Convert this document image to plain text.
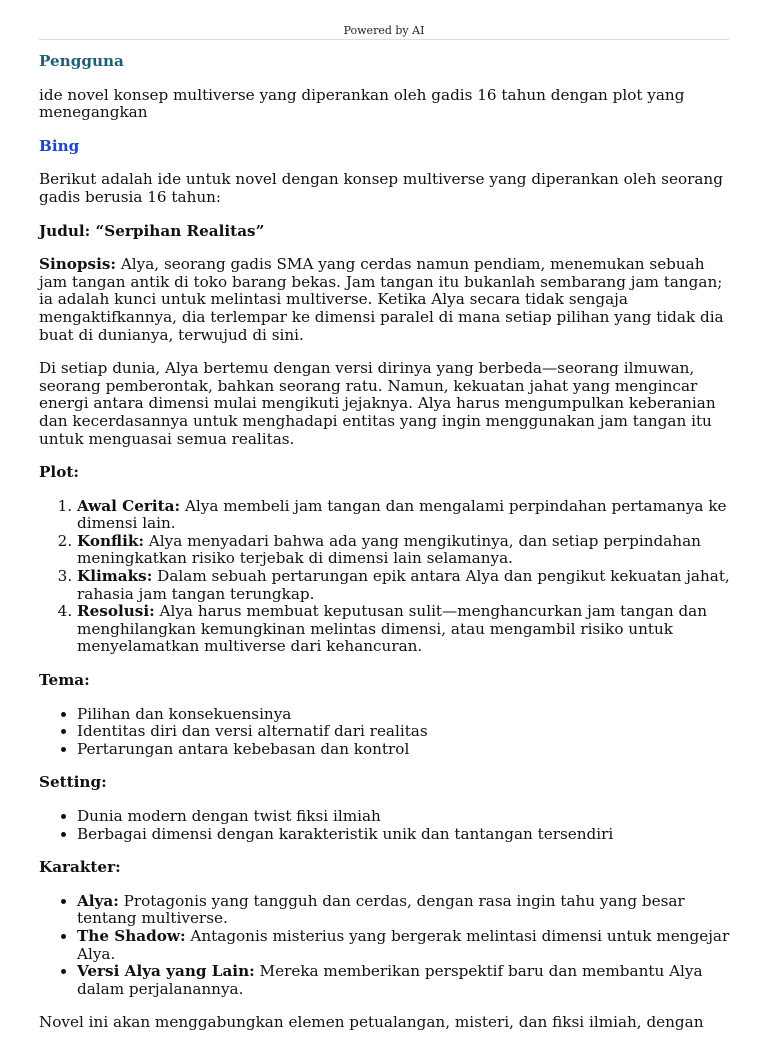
Powered by AI
Pengguna

ide novel konsep multiverse yang diperankan oleh gadis 16 tahun dengan plot yang menegangkan

Bing

Berikut adalah ide untuk novel dengan konsep multiverse yang diperankan oleh seorang gadis berusia 16 tahun:

Judul: “Serpihan Realitas”

Sinopsis: Alya, seorang gadis SMA yang cerdas namun pendiam, menemukan sebuah jam tangan antik di toko barang bekas. Jam tangan itu bukanlah sembarang jam tangan; ia adalah kunci untuk melintasi multiverse. Ketika Alya secara tidak sengaja mengaktifkannya, dia terlempar ke dimensi paralel di mana setiap pilihan yang tidak dia buat di dunianya, terwujud di sini.

Di setiap dunia, Alya bertemu dengan versi dirinya yang berbeda—seorang ilmuwan, seorang pemberontak, bahkan seorang ratu. Namun, kekuatan jahat yang mengincar energi antara dimensi mulai mengikuti jejaknya. Alya harus mengumpulkan keberanian dan kecerdasannya untuk menghadapi entitas yang ingin menggunakan jam tangan itu untuk menguasai semua realitas.

Plot:

1. Awal Cerita: Alya membeli jam tangan dan mengalami perpindahan pertamanya ke dimensi lain.
2. Konflik: Alya menyadari bahwa ada yang mengikutinya, dan setiap perpindahan meningkatkan risiko terjebak di dimensi lain selamanya.
3. Klimaks: Dalam sebuah pertarungan epik antara Alya dan pengikut kekuatan jahat, rahasia jam tangan terungkap.
4. Resolusi: Alya harus membuat keputusan sulit—menghancurkan jam tangan dan menghilangkan kemungkinan melintas dimensi, atau mengambil risiko untuk menyelamatkan multiverse dari kehancuran.

Tema:

• Pilihan dan konsekuensinya
• Identitas diri dan versi alternatif dari realitas
• Pertarungan antara kebebasan dan kontrol

Setting:

• Dunia modern dengan twist fiksi ilmiah
• Berbagai dimensi dengan karakteristik unik dan tantangan tersendiri

Karakter:

• Alya: Protagonis yang tangguh dan cerdas, dengan rasa ingin tahu yang besar tentang multiverse.
• The Shadow: Antagonis misterius yang bergerak melintasi dimensi untuk mengejar Alya.
• Versi Alya yang Lain: Mereka memberikan perspektif baru dan membantu Alya dalam perjalanannya.

Novel ini akan menggabungkan elemen petualangan, misteri, dan fiksi ilmiah, dengan
